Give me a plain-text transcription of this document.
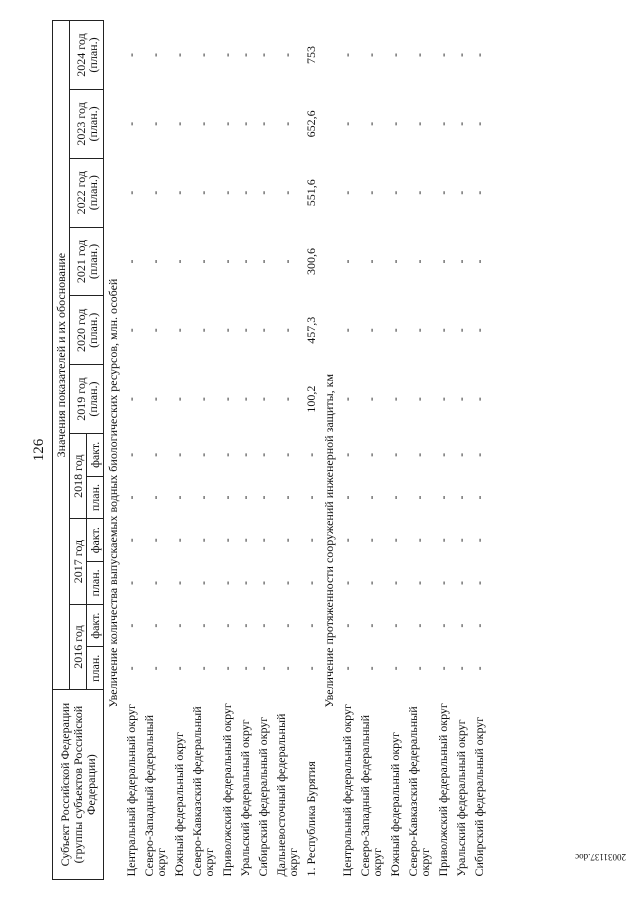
126
Субъект Российской Федерации (группы субъектов Российской Федерации)	Значения показателей и их обоснование											
	2016 год		2017 год		2018 год		2019 год (план.)	2020 год (план.)	2021 год (план.)	2022 год (план.)	2023 год (план.)	2024 год (план.)
	план.	факт.	план.	факт.	план.	факт.						
Увеличение количества выпускаемых водных биологических ресурсов, млн. особей												
Центральный федеральный округ	-	-	-	-	-	-	-	-	-	-	-	-
Северо-Западный федеральный округ	-	-	-	-	-	-	-	-	-	-	-	-
Южный федеральный округ	-	-	-	-	-	-	-	-	-	-	-	-
Северо-Кавказский федеральный округ	-	-	-	-	-	-	-	-	-	-	-	-
Приволжский федеральный округ	-	-	-	-	-	-	-	-	-	-	-	-
Уральский федеральный округ	-	-	-	-	-	-	-	-	-	-	-	-
Сибирский федеральный округ	-	-	-	-	-	-	-	-	-	-	-	-
Дальневосточный федеральный округ	-	-	-	-	-	-	-	-	-	-	-	-
1. Республика Бурятия	-	-	-	-	-	-	100,2	457,3	300,6	551,6	652,6	753
Увеличение протяженности сооружений инженерной защиты, км												
Центральный федеральный округ	-	-	-	-	-	-	-	-	-	-	-	-
Северо-Западный федеральный округ	-	-	-	-	-	-	-	-	-	-	-	-
Южный федеральный округ	-	-	-	-	-	-	-	-	-	-	-	-
Северо-Кавказский федеральный округ	-	-	-	-	-	-	-	-	-	-	-	-
Приволжский федеральный округ	-	-	-	-	-	-	-	-	-	-	-	-
Уральский федеральный округ	-	-	-	-	-	-	-	-	-	-	-	-
Сибирский федеральный округ	-	-	-	-	-	-	-	-	-	-	-	-
20031137.doc
